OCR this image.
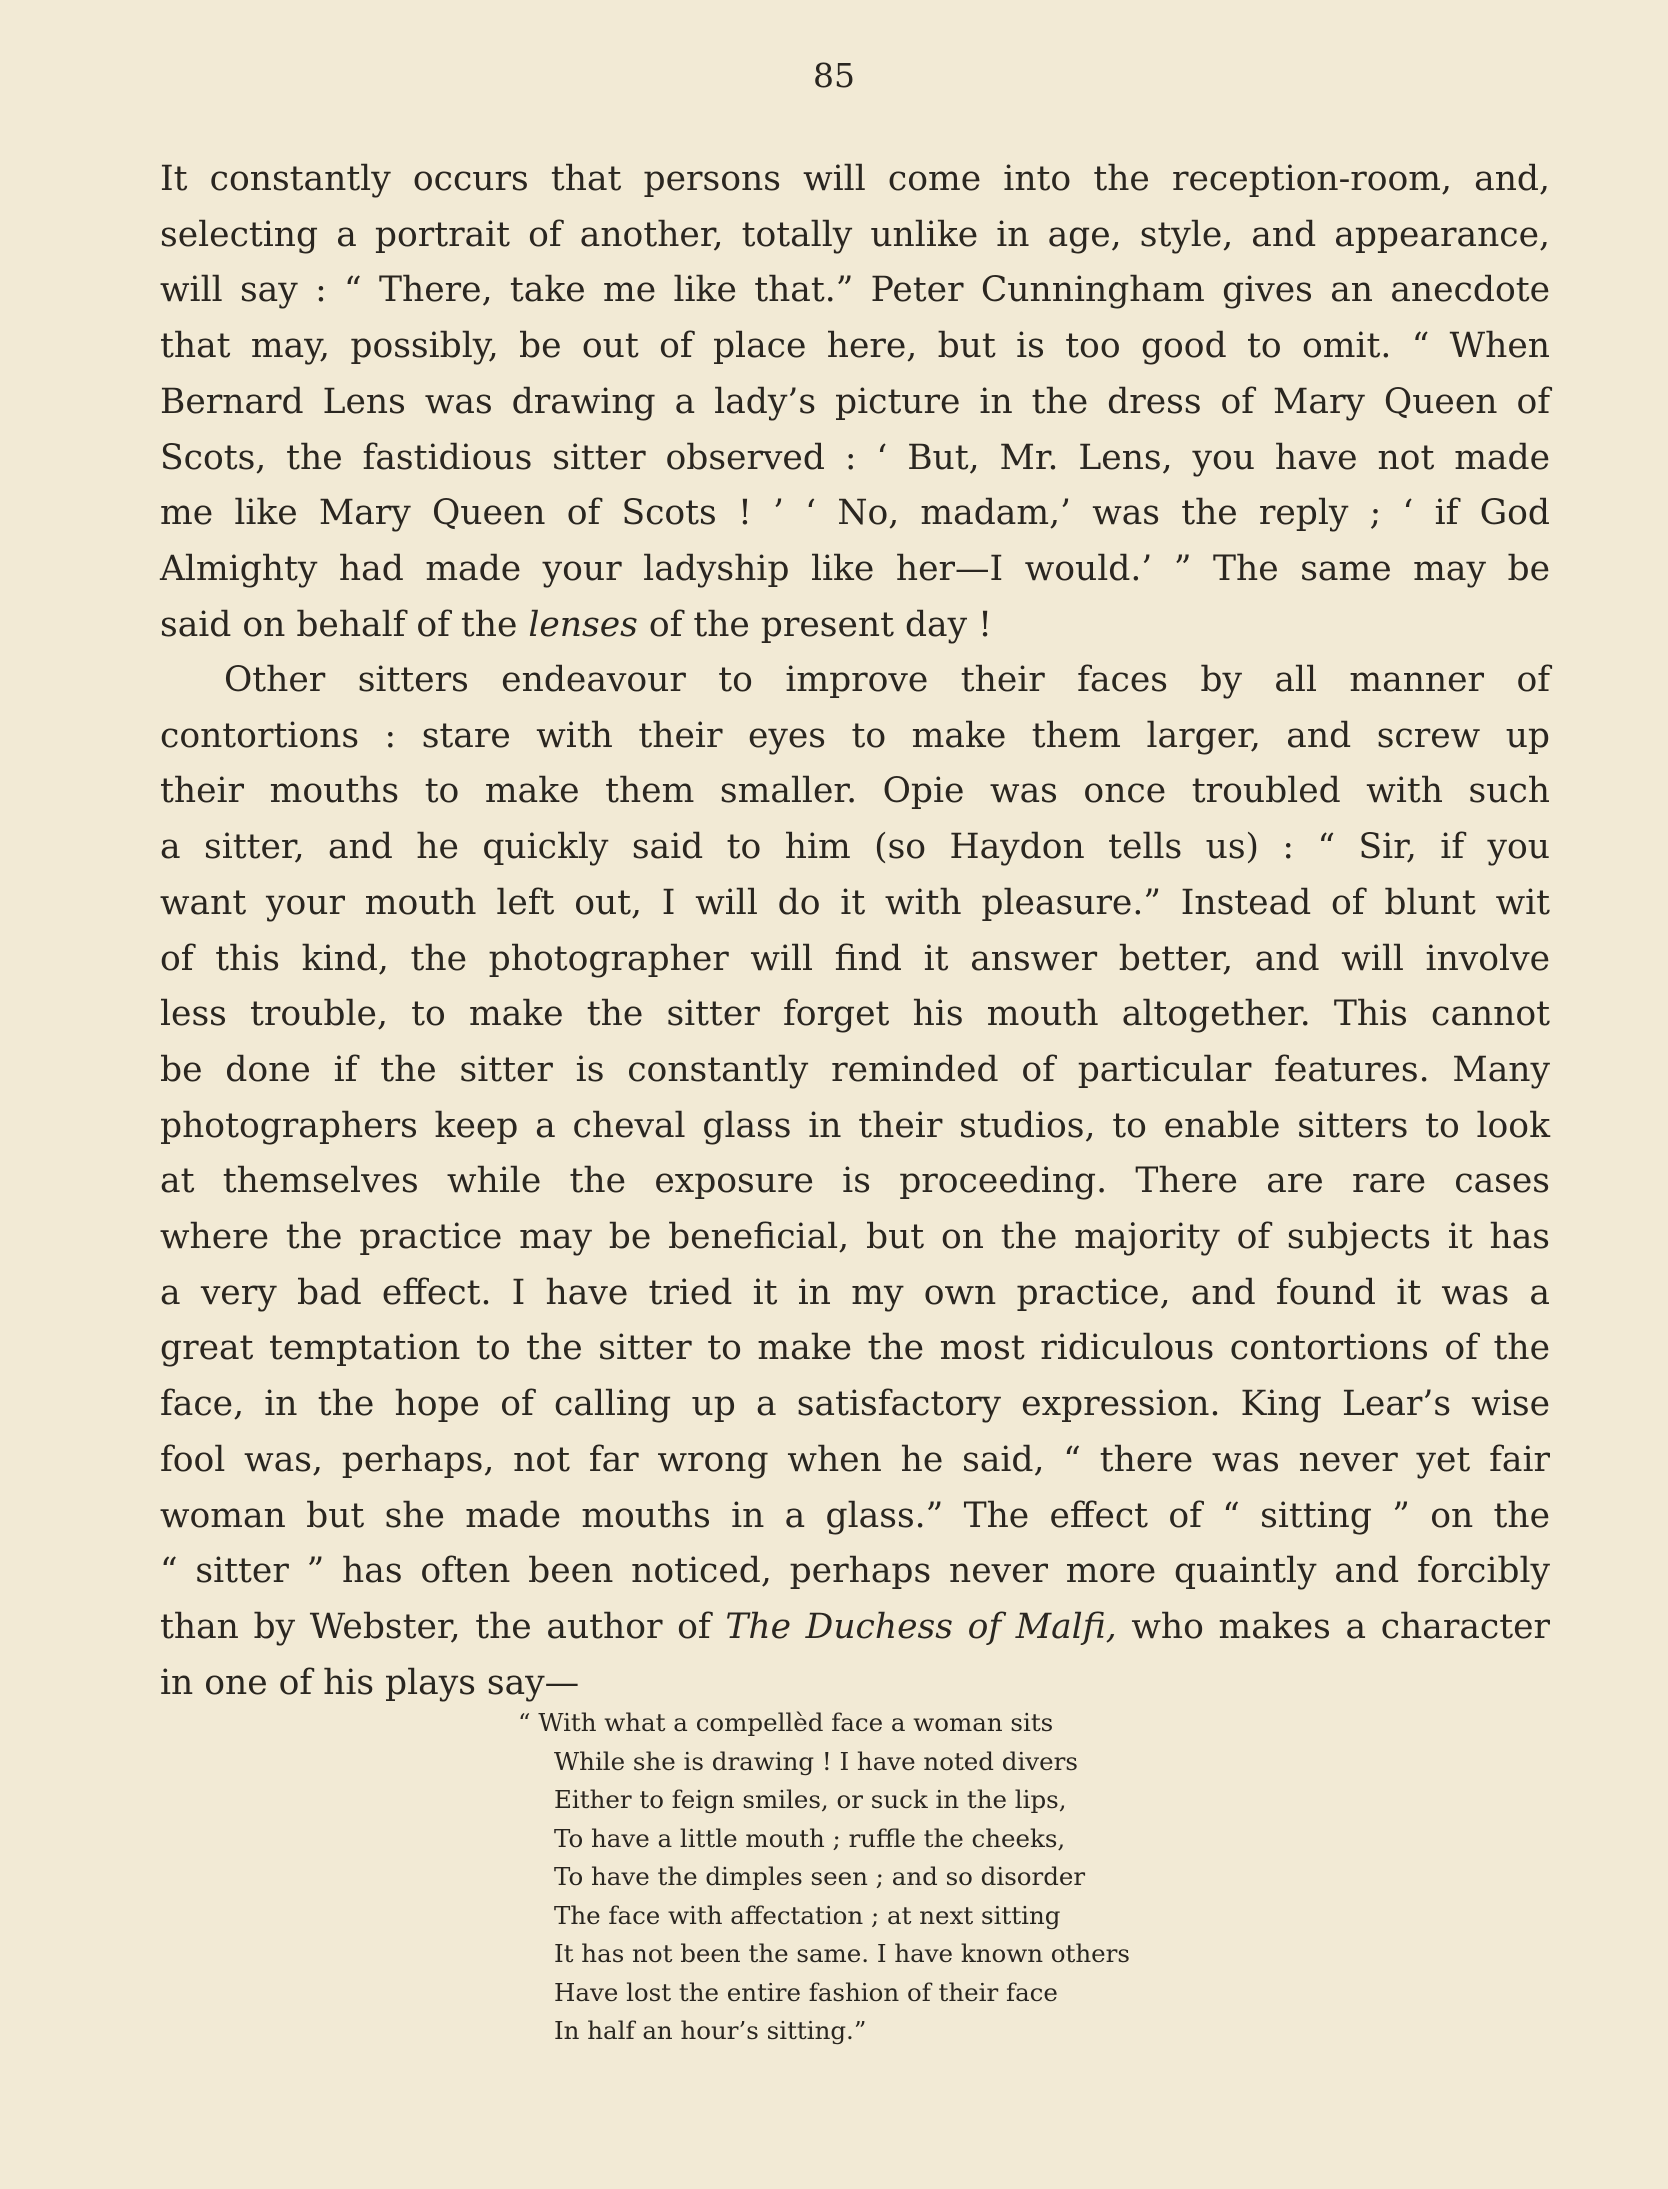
85
It constantly occurs that persons will come into the reception-room, and,
selecting a portrait of another, totally unlike in age, style, and appearance,
will say : “ There, take me like that.” Peter Cunningham gives an anecdote
that may, possibly, be out of place here, but is too good to omit. “ When
Bernard Lens was drawing a lady’s picture in the dress of Mary Queen of
Scots, the fastidious sitter observed : ‘ But, Mr. Lens, you have not made
me like Mary Queen of Scots ! ’ ‘ No, madam,’ was the reply ; ‘ if God
Almighty had made your ladyship like her—I would.’ ” The same may be
said on behalf of the lenses of the present day !
Other sitters endeavour to improve their faces by all manner of
contortions : stare with their eyes to make them larger, and screw up
their mouths to make them smaller. Opie was once troubled with such
a sitter, and he quickly said to him (so Haydon tells us) : “ Sir, if you
want your mouth left out, I will do it with pleasure.” Instead of blunt wit
of this kind, the photographer will find it answer better, and will involve
less trouble, to make the sitter forget his mouth altogether. This cannot
be done if the sitter is constantly reminded of particular features. Many
photographers keep a cheval glass in their studios, to enable sitters to look
at themselves while the exposure is proceeding. There are rare cases
where the practice may be beneficial, but on the majority of subjects it has
a very bad effect. I have tried it in my own practice, and found it was a
great temptation to the sitter to make the most ridiculous contortions of the
face, in the hope of calling up a satisfactory expression. King Lear’s wise
fool was, perhaps, not far wrong when he said, “ there was never yet fair
woman but she made mouths in a glass.” The effect of “ sitting ” on the
“ sitter ” has often been noticed, perhaps never more quaintly and forcibly
than by Webster, the author of The Duchess of Malfi, who makes a character
in one of his plays say—
“ With what a compellèd face a woman sits
While she is drawing ! I have noted divers
Either to feign smiles, or suck in the lips,
To have a little mouth ; ruffle the cheeks,
To have the dimples seen ; and so disorder
The face with affectation ; at next sitting
It has not been the same. I have known others
Have lost the entire fashion of their face
In half an hour’s sitting.”
